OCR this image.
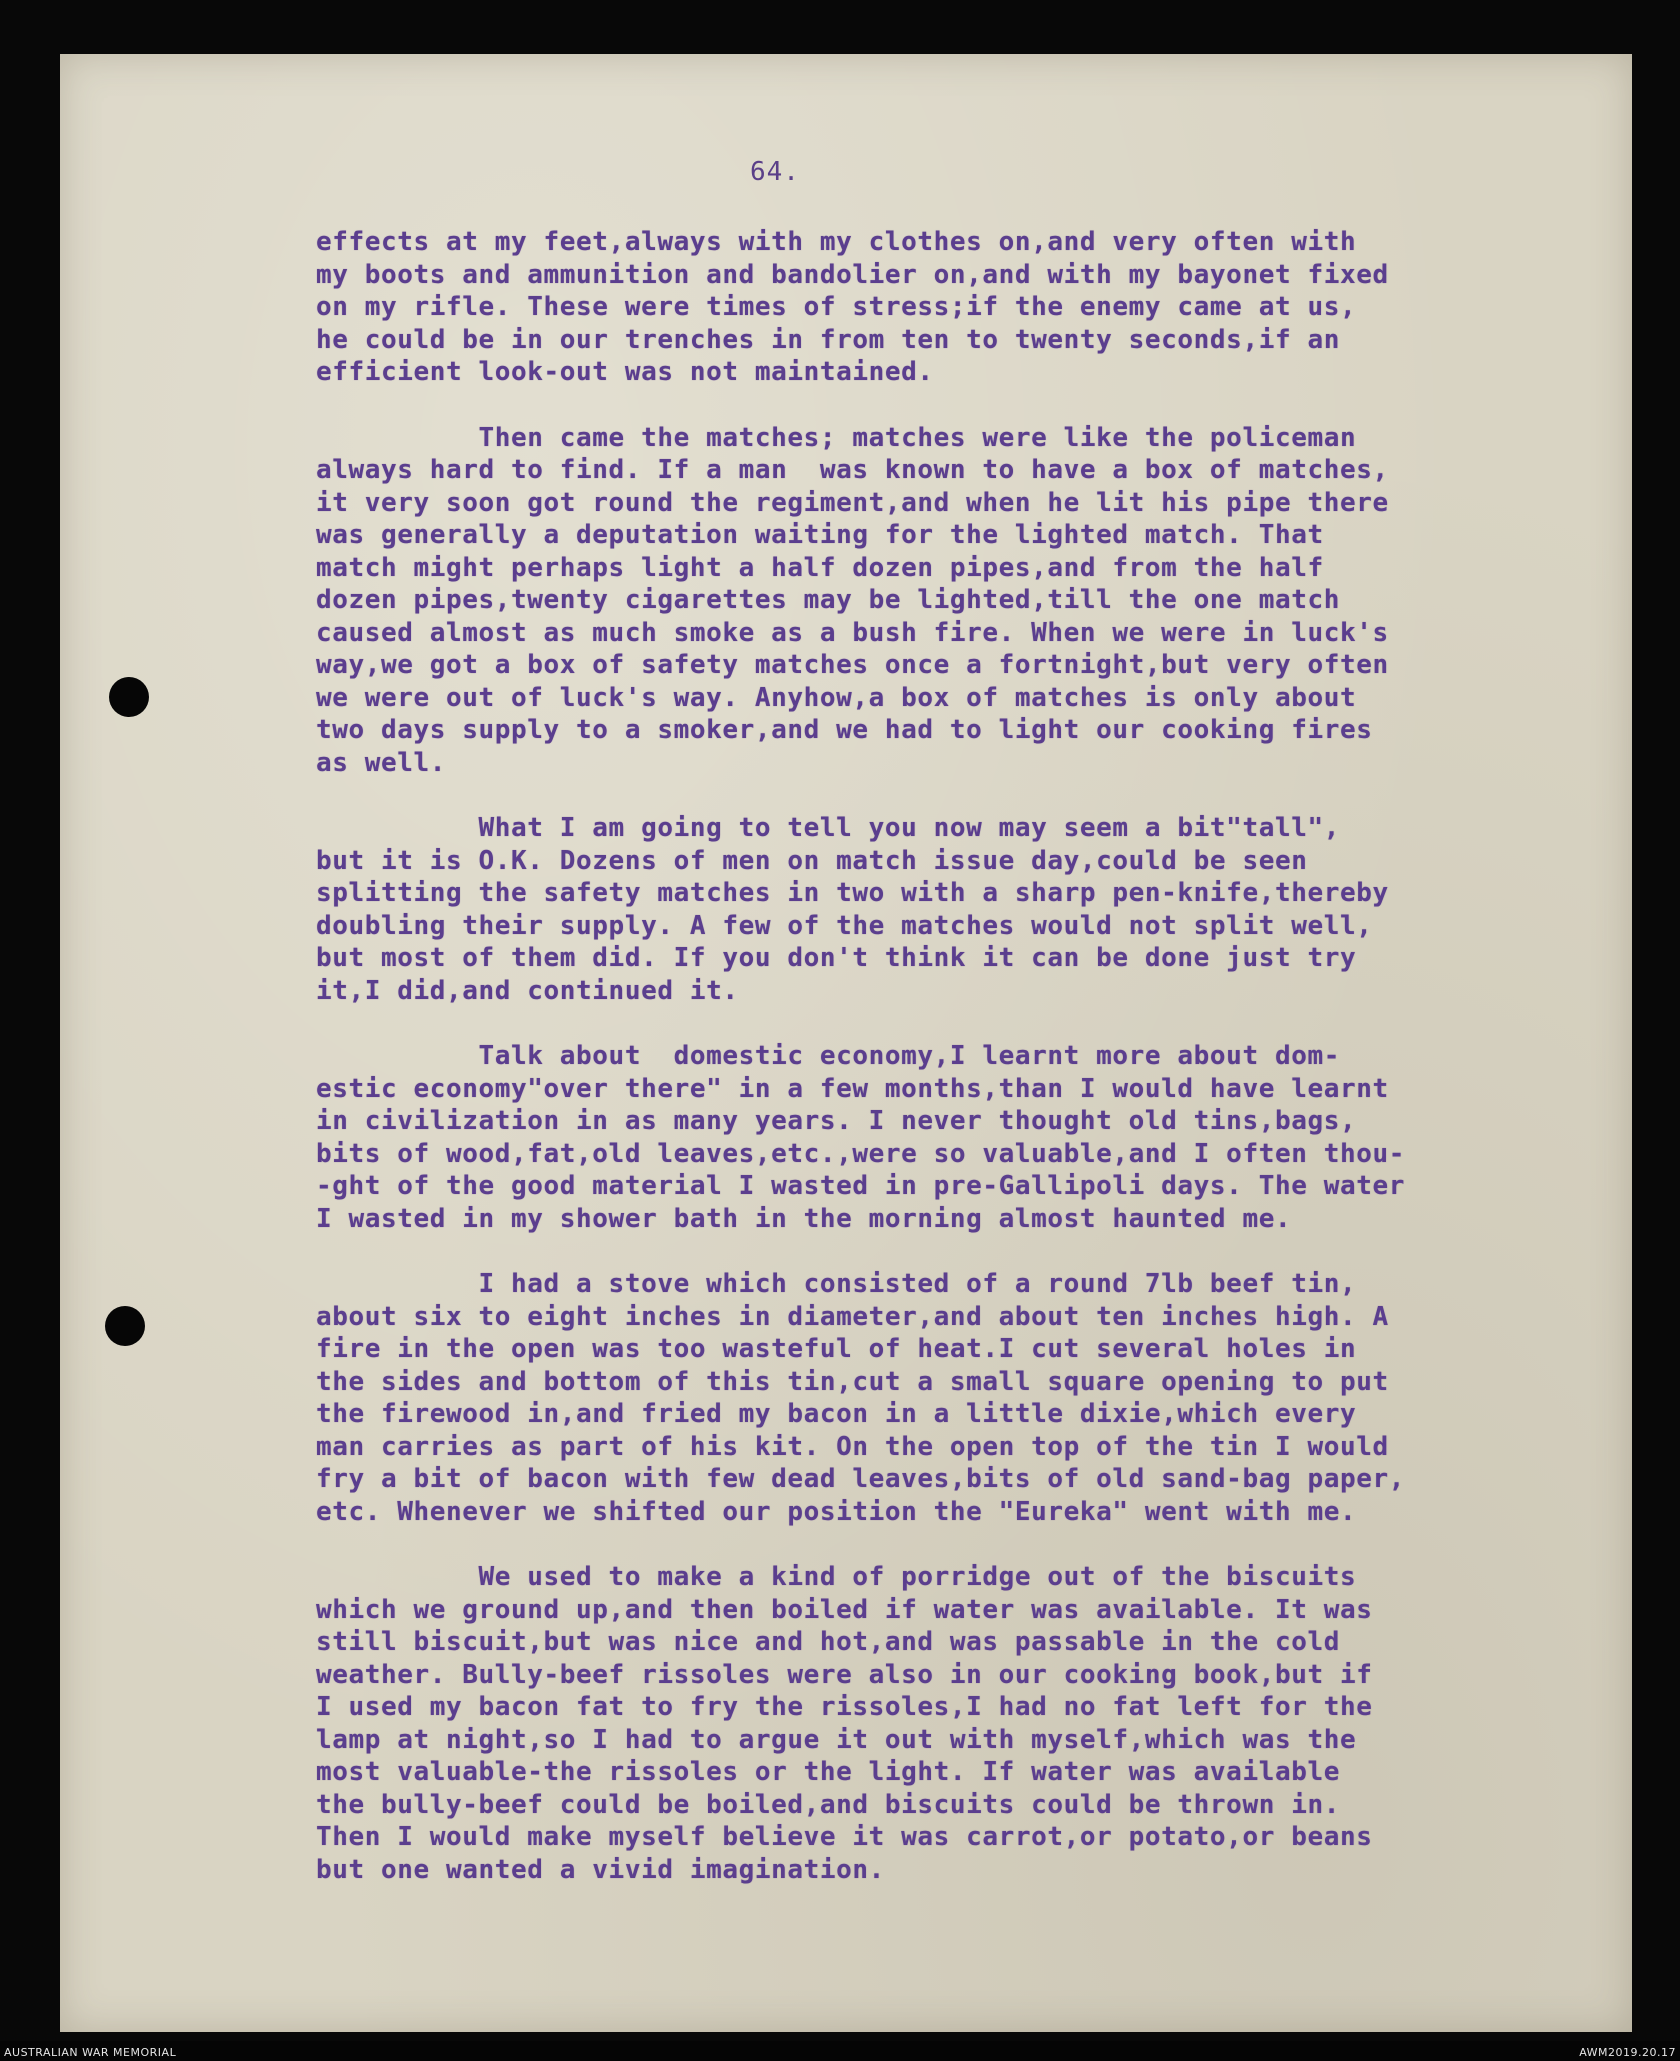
64.

effects at my feet,always with my clothes on,and very often with
my boots and ammunition and bandolier on,and with my bayonet fixed
on my rifle. These were times of stress;if the enemy came at us,
he could be in our trenches in from ten to twenty seconds,if an
efficient look-out was not maintained.
Then came the matches; matches were like the policeman
always hard to find. If a man  was known to have a box of matches,
it very soon got round the regiment,and when he lit his pipe there
was generally a deputation waiting for the lighted match. That
match might perhaps light a half dozen pipes,and from the half
dozen pipes,twenty cigarettes may be lighted,till the one match
caused almost as much smoke as a bush fire. When we were in luck's
way,we got a box of safety matches once a fortnight,but very often
we were out of luck's way. Anyhow,a box of matches is only about
two days supply to a smoker,and we had to light our cooking fires
as well.
What I am going to tell you now may seem a bit"tall",
but it is O.K. Dozens of men on match issue day,could be seen
splitting the safety matches in two with a sharp pen-knife,thereby
doubling their supply. A few of the matches would not split well,
but most of them did. If you don't think it can be done just try
it,I did,and continued it.
Talk about  domestic economy,I learnt more about dom-
estic economy"over there" in a few months,than I would have learnt
in civilization in as many years. I never thought old tins,bags,
bits of wood,fat,old leaves,etc.,were so valuable,and I often thou-
-ght of the good material I wasted in pre-Gallipoli days. The water
I wasted in my shower bath in the morning almost haunted me.
I had a stove which consisted of a round 7lb beef tin,
about six to eight inches in diameter,and about ten inches high. A
fire in the open was too wasteful of heat.I cut several holes in
the sides and bottom of this tin,cut a small square opening to put
the firewood in,and fried my bacon in a little dixie,which every
man carries as part of his kit. On the open top of the tin I would
fry a bit of bacon with few dead leaves,bits of old sand-bag paper,
etc. Whenever we shifted our position the "Eureka" went with me.
We used to make a kind of porridge out of the biscuits
which we ground up,and then boiled if water was available. It was
still biscuit,but was nice and hot,and was passable in the cold
weather. Bully-beef rissoles were also in our cooking book,but if
I used my bacon fat to fry the rissoles,I had no fat left for the
lamp at night,so I had to argue it out with myself,which was the
most valuable-the rissoles or the light. If water was available
the bully-beef could be boiled,and biscuits could be thrown in.
Then I would make myself believe it was carrot,or potato,or beans
but one wanted a vivid imagination.

AUSTRALIAN WAR MEMORIAL	AWM2019.20.17
